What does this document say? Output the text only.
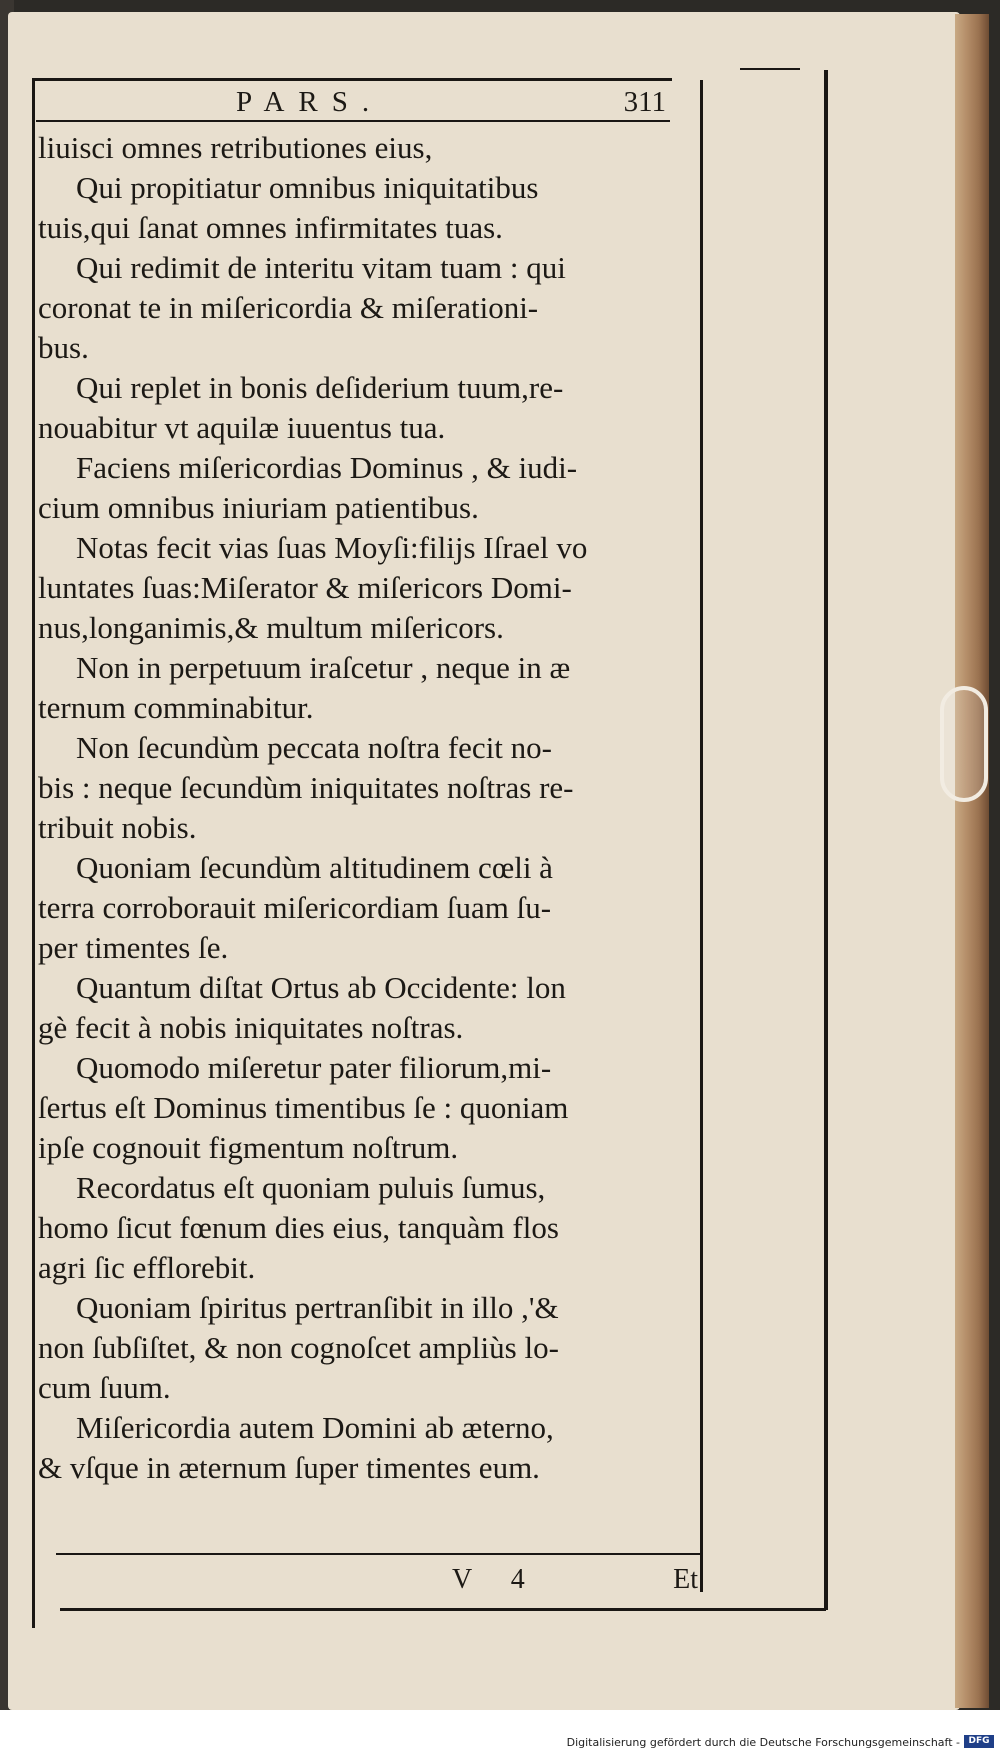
PARS.	311
liuisci omnes retributiones eius,
Qui propitiatur omnibus iniquitatibus
tuis,qui ſanat omnes infirmitates tuas.
Qui redimit de interitu vitam tuam : qui
coronat te in miſericordia & miſerationi-
bus.
Qui replet in bonis deſiderium tuum,re-
nouabitur vt aquilæ iuuentus tua.
Faciens miſericordias Dominus , & iudi-
cium omnibus iniuriam patientibus.
Notas fecit vias ſuas Moyſi:filijs Iſrael vo
luntates ſuas:Miſerator & miſericors Domi-
nus,longanimis,& multum miſericors.
Non in perpetuum iraſcetur , neque in æ
ternum comminabitur.
Non ſecundùm peccata noſtra fecit no-
bis : neque ſecundùm iniquitates noſtras re-
tribuit nobis.
Quoniam ſecundùm altitudinem cœli à
terra corroborauit miſericordiam ſuam ſu-
per timentes ſe.
Quantum diſtat Ortus ab Occidente: lon
gè fecit à nobis iniquitates noſtras.
Quomodo miſeretur pater filiorum,mi-
ſertus eſt Dominus timentibus ſe : quoniam
ipſe cognouit figmentum noſtrum.
Recordatus eſt quoniam puluis ſumus,
homo ſicut fœnum dies eius, tanquàm flos
agri ſic efflorebit.
Quoniam ſpiritus pertranſibit in illo ,'&
non ſubſiſtet, & non cognoſcet ampliùs lo-
cum ſuum.
Miſericordia autem Domini ab æterno,
& vſque in æternum ſuper timentes eum.
V 4	Et
Digitalisierung gefördert durch die Deutsche Forschungsgemeinschaft - DFG
